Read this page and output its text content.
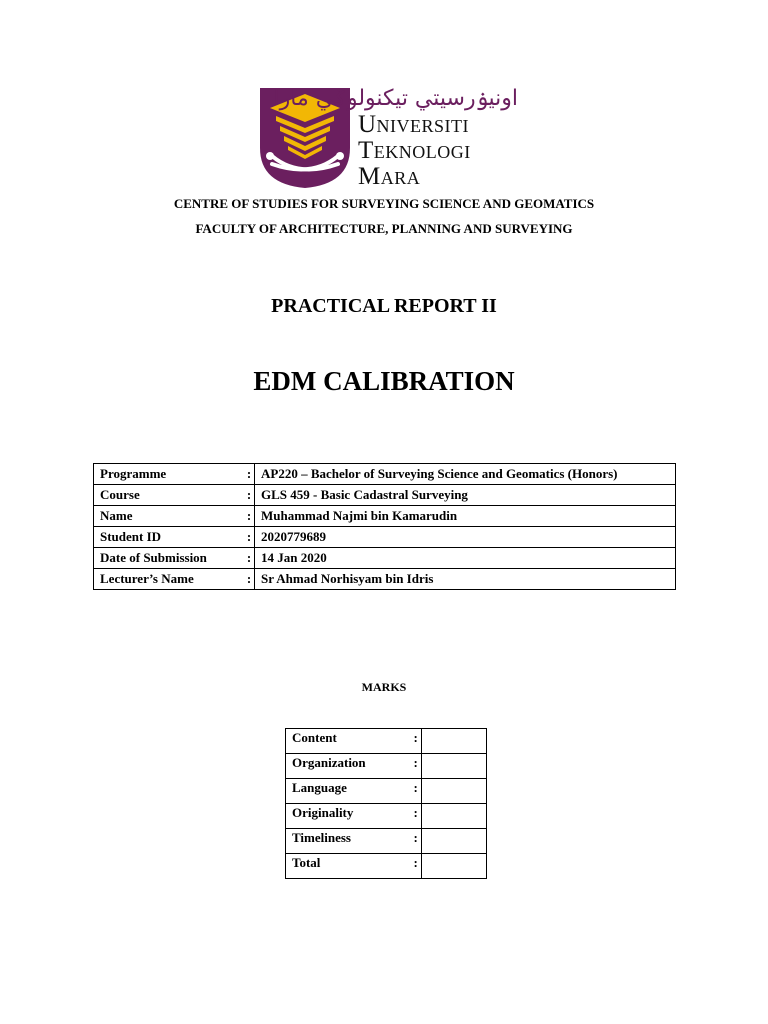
اونيۏرسيتي تيكنولوݢي مارا
Universiti
Teknologi
Mara
CENTRE OF STUDIES FOR SURVEYING SCIENCE AND GEOMATICS
FACULTY OF ARCHITECTURE, PLANNING AND SURVEYING
PRACTICAL REPORT II
EDM CALIBRATION
Programme	:	AP220 – Bachelor of Surveying Science and Geomatics (Honors)
Course	:	GLS 459 - Basic Cadastral Surveying
Name	:	Muhammad Najmi bin Kamarudin
Student ID	:	2020779689
Date of Submission	:	14 Jan 2020
Lecturer’s Name	:	Sr Ahmad Norhisyam bin Idris
MARKS
Content	:	
Organization	:	
Language	:	
Originality	:	
Timeliness	:	
Total	:	
